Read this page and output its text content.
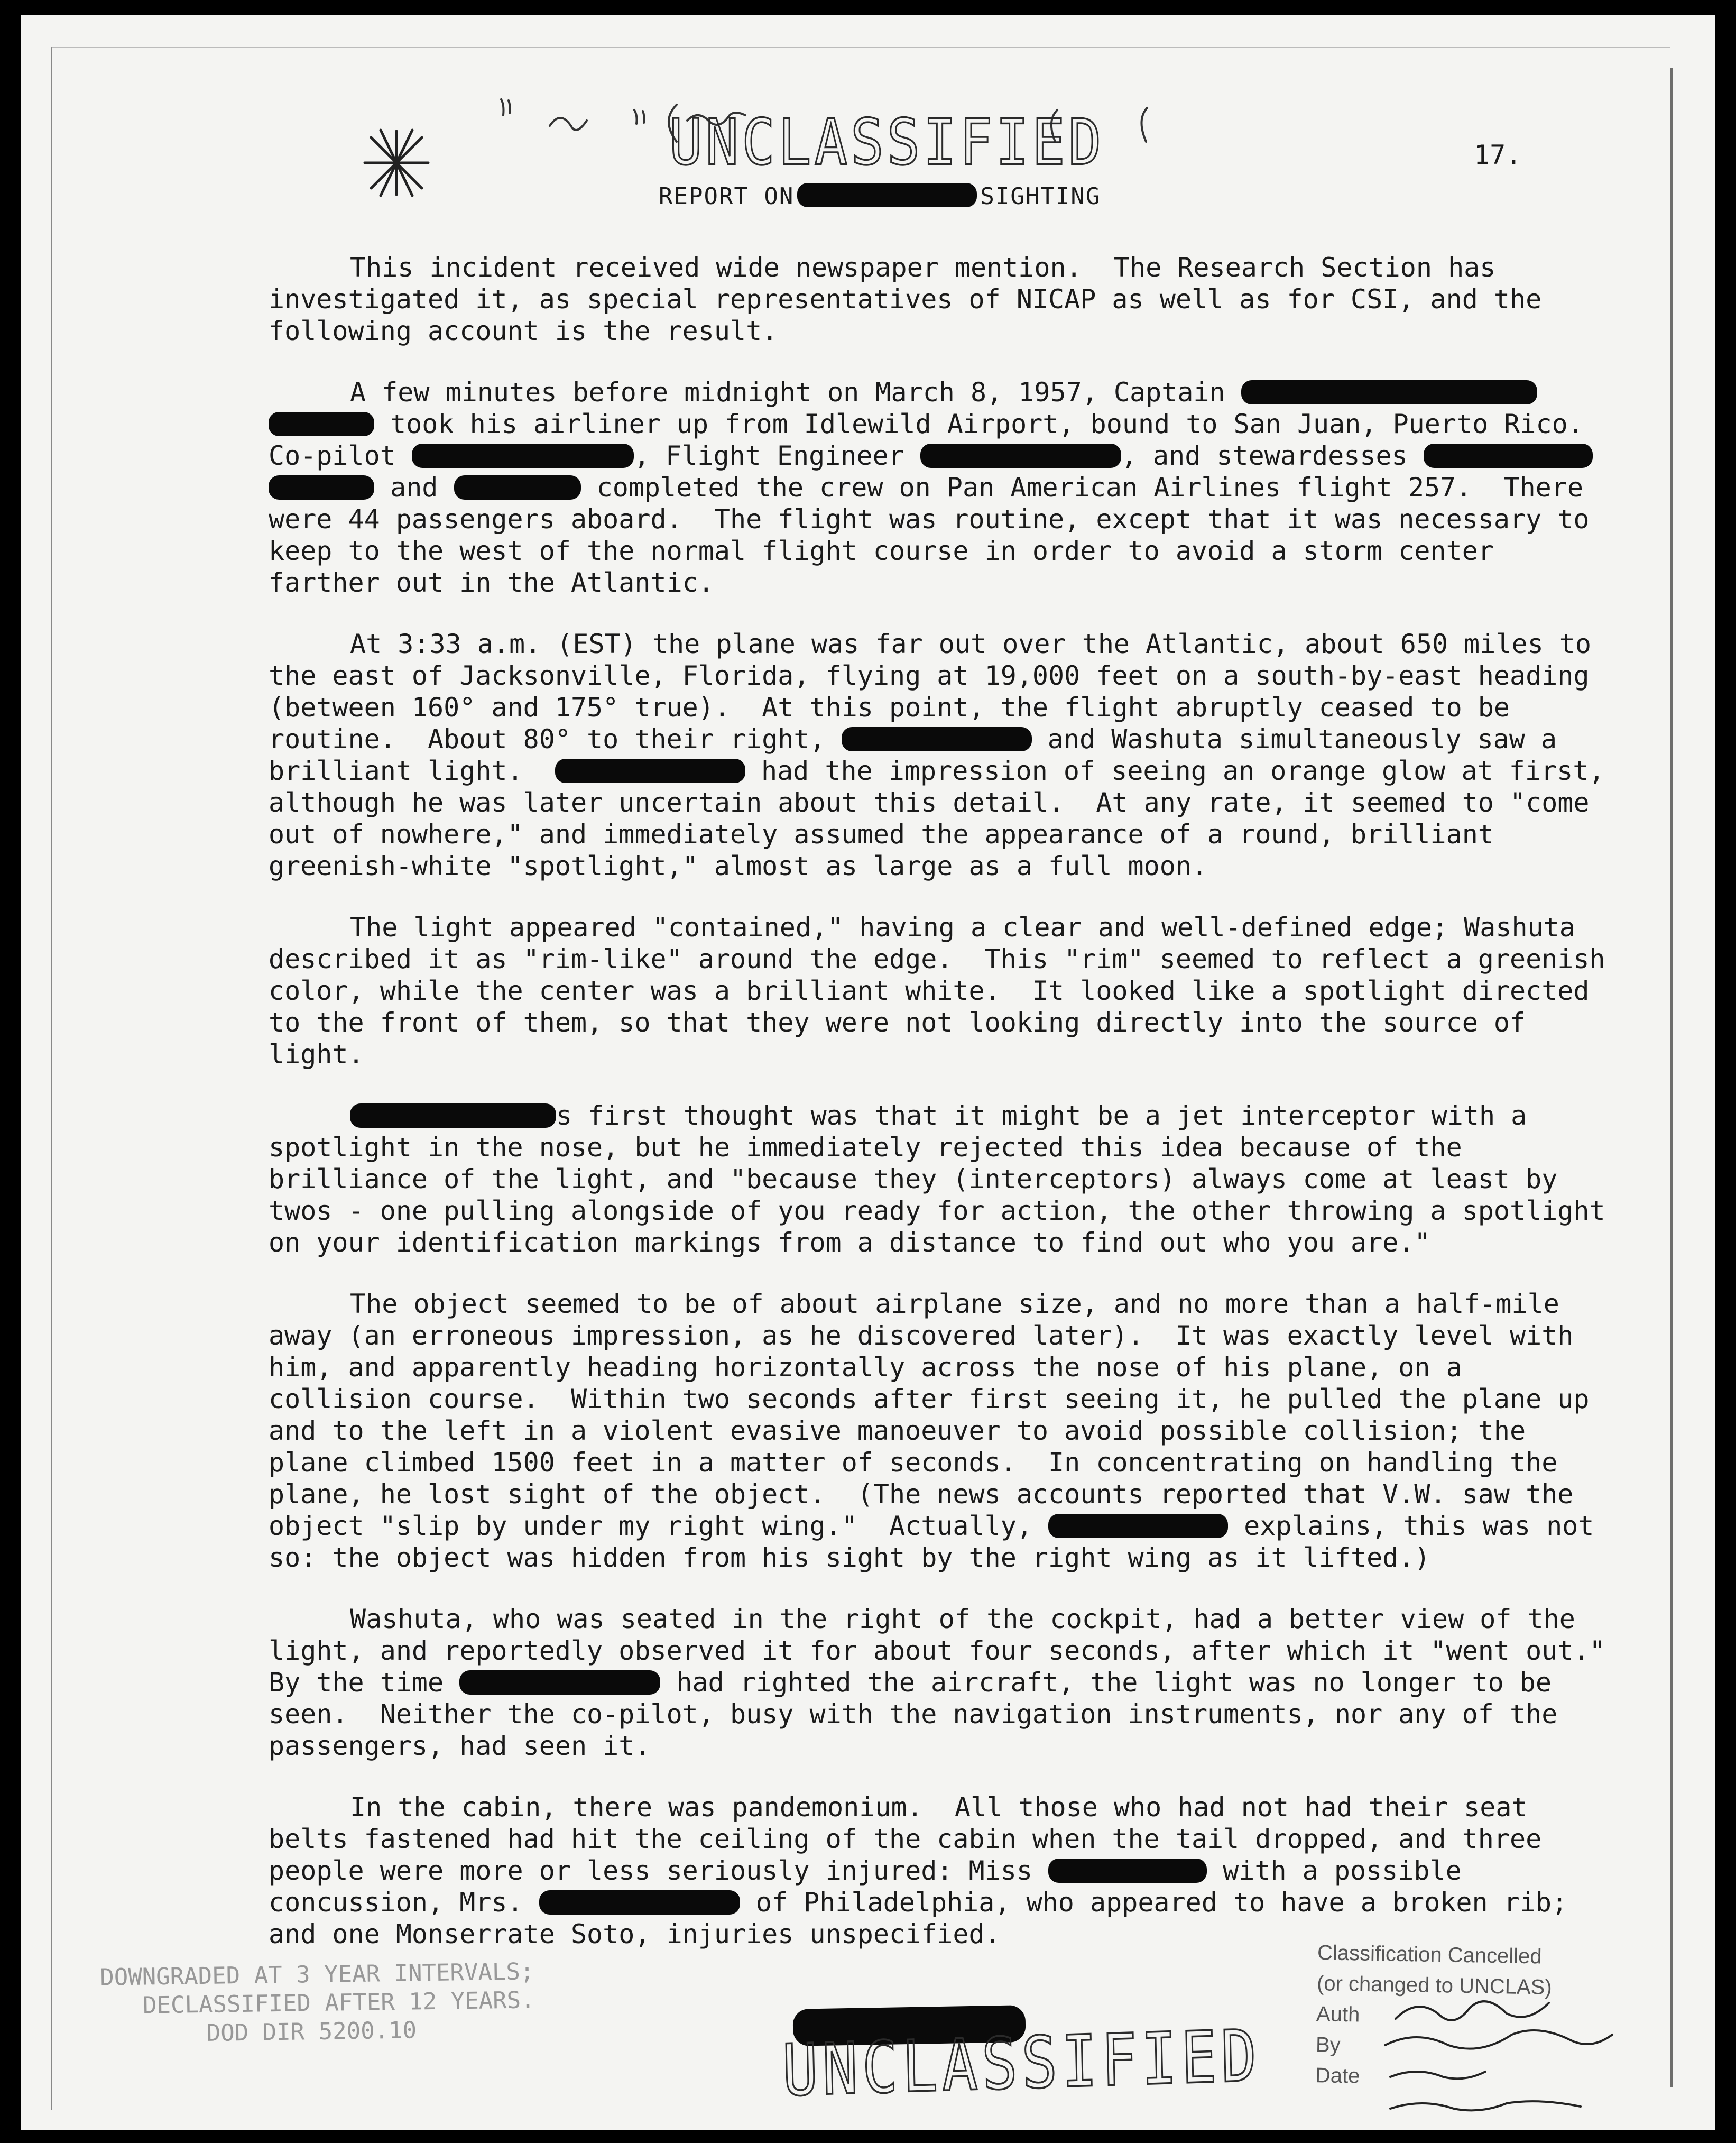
UNCLASSIFIED	17.
REPORT ON	SIGHTING

This incident received wide newspaper mention.  The Research Section has investigated it, as special representatives of NICAP as well as for CSI, and the following account is the result.

A few minutes before midnight on March 8, 1957, Captain  took his airliner up from Idlewild Airport, bound to San Juan, Puerto Rico. Co-pilot	, Flight Engineer	, and stewardesses  and	completed the crew on Pan American Airlines flight 257.  There were 44 passengers aboard.  The flight was routine, except that it was necessary to keep to the west of the normal flight course in order to avoid a storm center farther out in the Atlantic.

At 3:33 a.m. (EST) the plane was far out over the Atlantic, about 650 miles to the east of Jacksonville, Florida, flying at 19,000 feet on a south-by-east heading (between 160° and 175° true).  At this point, the flight abruptly ceased to be routine.  About 80° to their right,	and Washuta simultaneously saw a brilliant light.	had the impression of seeing an orange glow at first, although he was later uncertain about this detail.  At any rate, it seemed to "come out of nowhere," and immediately assumed the appearance of a round, brilliant greenish-white "spotlight," almost as large as a full moon.

The light appeared "contained," having a clear and well-defined edge; Washuta described it as "rim-like" around the edge.  This "rim" seemed to reflect a greenish color, while the center was a brilliant white.  It looked like a spotlight directed to the front of them, so that they were not looking directly into the source of light.

s first thought was that it might be a jet interceptor with a spotlight in the nose, but he immediately rejected this idea because of the brilliance of the light, and "because they (interceptors) always come at least by twos - one pulling alongside of you ready for action, the other throwing a spotlight on your identification markings from a distance to find out who you are."

The object seemed to be of about airplane size, and no more than a half-mile away (an erroneous impression, as he discovered later).  It was exactly level with him, and apparently heading horizontally across the nose of his plane, on a collision course.  Within two seconds after first seeing it, he pulled the plane up and to the left in a violent evasive manoeuver to avoid possible collision; the plane climbed 1500 feet in a matter of seconds.  In concentrating on handling the plane, he lost sight of the object.  (The news accounts reported that V.W. saw the object "slip by under my right wing."  Actually,	explains, this was not so: the object was hidden from his sight by the right wing as it lifted.)

Washuta, who was seated in the right of the cockpit, had a better view of the light, and reportedly observed it for about four seconds, after which it "went out."  By the time	had righted the aircraft, the light was no longer to be seen.  Neither the co-pilot, busy with the navigation instruments, nor any of the passengers, had seen it.

In the cabin, there was pandemonium.  All those who had not had their seat belts fastened had hit the ceiling of the cabin when the tail dropped, and three people were more or less seriously injured: Miss	with a possible concussion, Mrs.	of Philadelphia, who appeared to have a broken rib; and one Monserrate Soto, injuries unspecified.

DOWNGRADED AT 3 YEAR INTERVALS;
DECLASSIFIED AFTER 12 YEARS.
DOD DIR 5200.10	UNCLASSIFIED
Classification Cancelled
(or changed to UNCLAS)
Auth
By
Date
